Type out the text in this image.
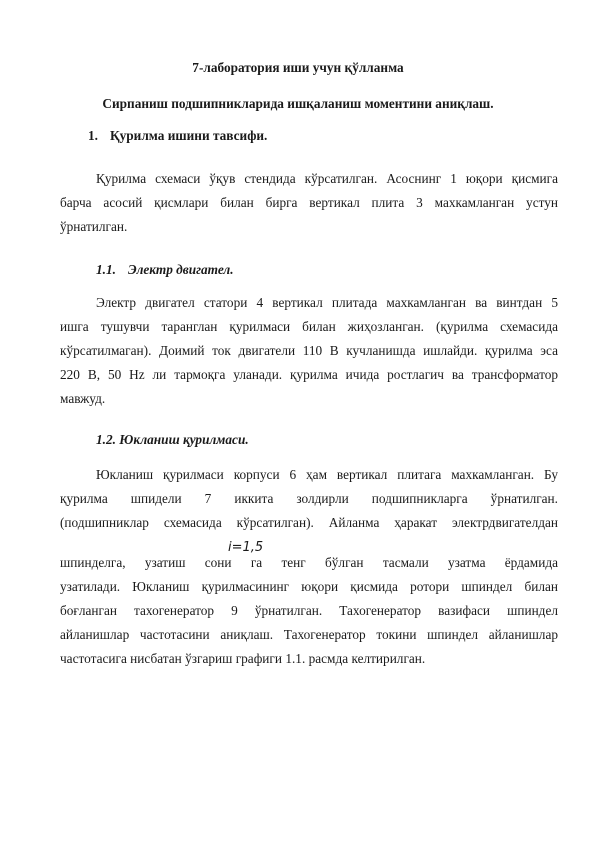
7-лаборатория иши учун қўлланма
Сирпаниш подшипникларида ишқаланиш моментини аниқлаш.
1. Қурилма ишини тавсифи.
Қурилма схемаси ўқув стендида кўрсатилган. Асоснинг 1 юқори қисмига
барча асосий қисмлари билан бирга вертикал плита 3 махкамланган устун
ўрнатилган.
1.1. Электр двигател.
Электр двигател статори 4 вертикал плитада махкамланган ва винтдан 5
ишга тушувчи таранглан қурилмаси билан жиҳозланган. (қурилма схемасида
кўрсатилмаган). Доимий ток двигатели 110 В кучланишда ишлайди. қурилма эса
220 В, 50 Hz ли тармоқга уланади. қурилма ичида ростлагич ва трансформатор
мавжуд.
1.2. Юкланиш қурилмаси.
Юкланиш қурилмаси корпуси 6 ҳам вертикал плитага махкамланган. Бу
қурилма шпидели 7 иккита золдирли подшипникларга ўрнатилган.
(подшипниклар схемасида кўрсатилган). Айланма ҳаракат электрдвигателдан
шпинделга, узатиш сони га тенг бўлган тасмали узатма ёрдамида
узатилади. Юкланиш қурилмасининг юқори қисмида ротори шпиндел билан
боғланган тахогенератор 9 ўрнатилган. Тахогенератор вазифаси шпиндел
айланишлар частотасини аниқлаш. Тахогенератор токини шпиндел айланишлар
частотасига нисбатан ўзгариш графиги 1.1. расмда келтирилган.
i=1,5
